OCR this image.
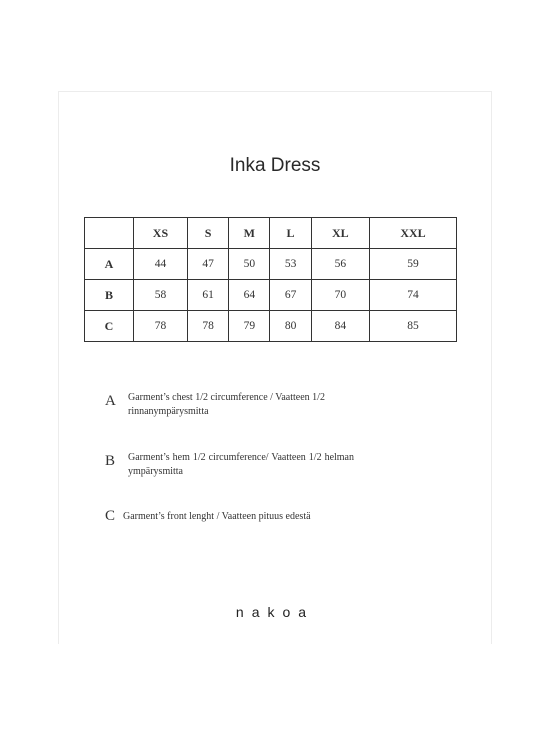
Inka Dress
	XS	S	M	L	XL	XXL
A	44	47	50	53	56	59
B	58	61	64	67	70	74
C	78	78	79	80	84	85
A Garment’s chest 1/2 circumference / Vaatteen 1/2 rinnanympärysmitta
B Garment’s hem 1/2 circumference/ Vaatteen 1/2 helman ympärysmitta
C Garment’s front lenght / Vaatteen pituus edestä
nakoa
